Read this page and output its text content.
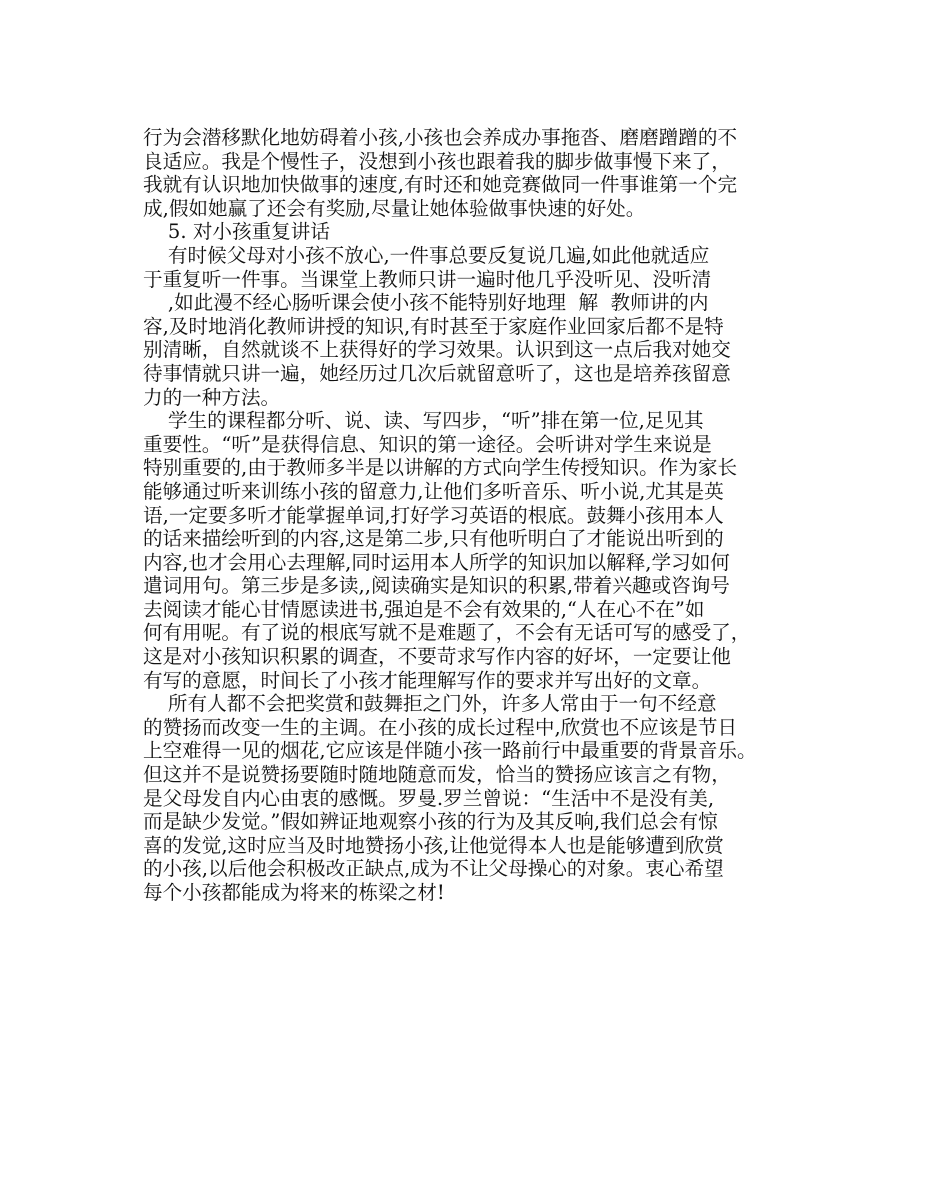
行为会潜移默化地妨碍着小孩,小孩也会养成办事拖沓、磨磨蹭蹭的不
良适应。我是个慢性子，没想到小孩也跟着我的脚步做事慢下来了，
我就有认识地加快做事的速度,有时还和她竞赛做同一件事谁第一个完
成,假如她赢了还会有奖励,尽量让她体验做事快速的好处。
5. 对小孩重复讲话
有时候父母对小孩不放心,一件事总要反复说几遍,如此他就适应
于重复听一件事。当课堂上教师只讲一遍时他几乎没听见、没听清
,如此漫不经心肠听课会使小孩不能特别好地理  解  教师讲的内
容,及时地消化教师讲授的知识,有时甚至于家庭作业回家后都不是特
别清晰，自然就谈不上获得好的学习效果。认识到这一点后我对她交
待事情就只讲一遍，她经历过几次后就留意听了，这也是培养孩留意
力的一种方法。
学生的课程都分听、说、读、写四步，“听”排在第一位,足见其
重要性。“听”是获得信息、知识的第一途径。会听讲对学生来说是
特别重要的,由于教师多半是以讲解的方式向学生传授知识。作为家长
能够通过听来训练小孩的留意力,让他们多听音乐、听小说,尤其是英
语,一定要多听才能掌握单词,打好学习英语的根底。鼓舞小孩用本人
的话来描绘听到的内容,这是第二步,只有他听明白了才能说出听到的
内容,也才会用心去理解,同时运用本人所学的知识加以解释,学习如何
遣词用句。第三步是多读,,阅读确实是知识的积累,带着兴趣或咨询号
去阅读才能心甘情愿读进书,强迫是不会有效果的,“人在心不在”如
何有用呢。有了说的根底写就不是难题了，不会有无话可写的感受了，
这是对小孩知识积累的调查，不要苛求写作内容的好坏，一定要让他
有写的意愿，时间长了小孩才能理解写作的要求并写出好的文章。
所有人都不会把奖赏和鼓舞拒之门外，许多人常由于一句不经意
的赞扬而改变一生的主调。在小孩的成长过程中,欣赏也不应该是节日
上空难得一见的烟花,它应该是伴随小孩一路前行中最重要的背景音乐。
但这并不是说赞扬要随时随地随意而发，恰当的赞扬应该言之有物，
是父母发自内心由衷的感慨。罗曼.罗兰曾说：“生活中不是没有美,
而是缺少发觉。”假如辨证地观察小孩的行为及其反响,我们总会有惊
喜的发觉,这时应当及时地赞扬小孩,让他觉得本人也是能够遭到欣赏
的小孩,以后他会积极改正缺点,成为不让父母操心的对象。衷心希望
每个小孩都能成为将来的栋梁之材!
